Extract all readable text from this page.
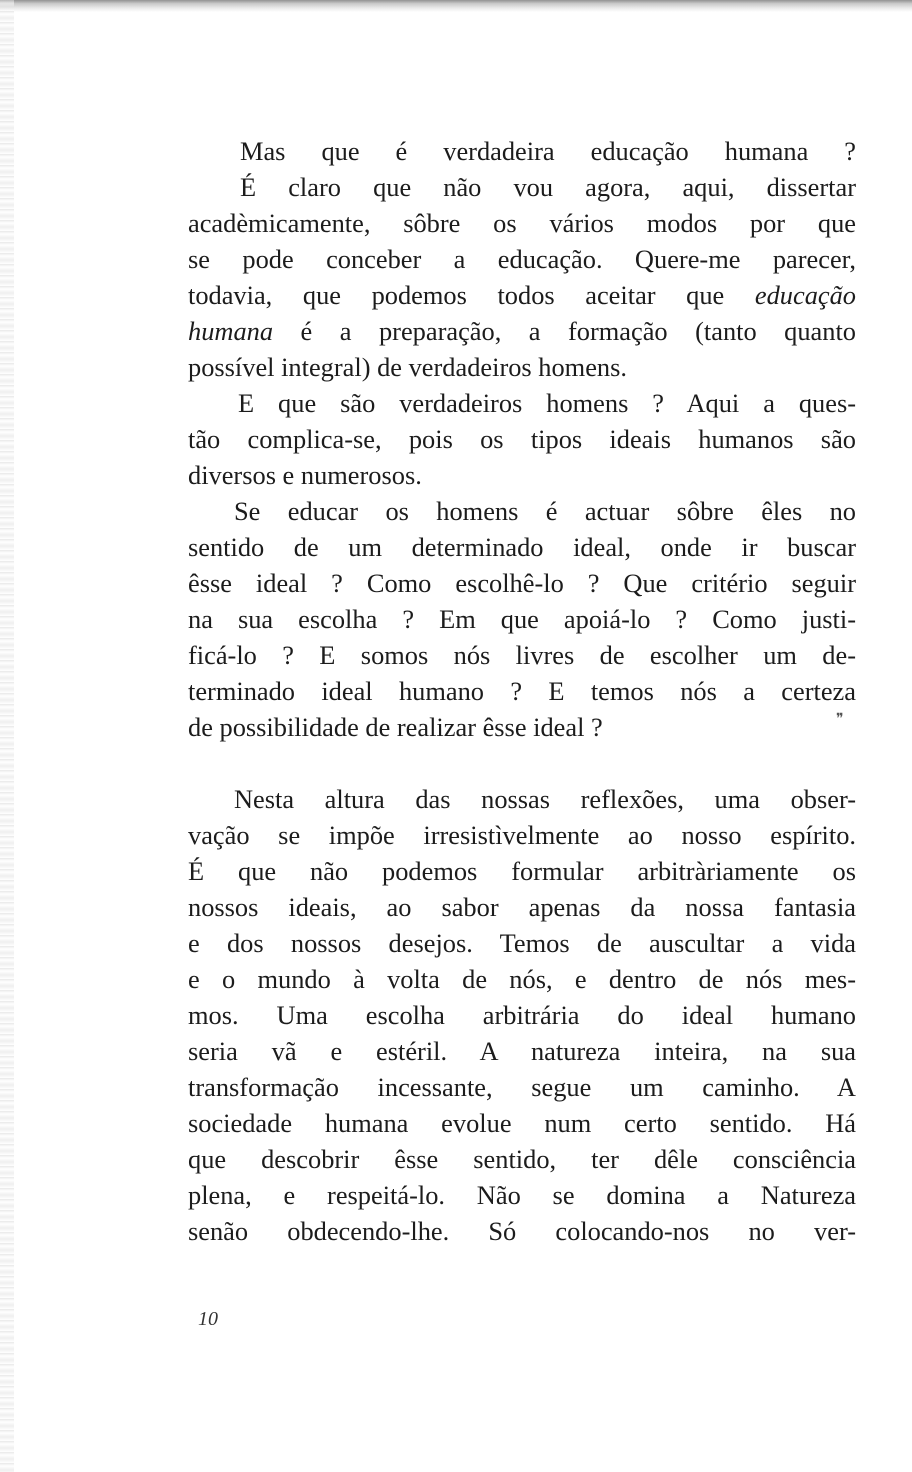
Mas que é verdadeira educação humana ?
É claro que não vou agora, aqui, dissertar
acadèmicamente, sôbre os vários modos por que
se pode conceber a educação. Quere-me parecer,
todavia, que podemos todos aceitar que educação
humana é a preparação, a formação (tanto quanto
possível integral) de verdadeiros homens.
E que são verdadeiros homens ? Aqui a ques-
tão complica-se, pois os tipos ideais humanos são
diversos e numerosos.
Se educar os homens é actuar sôbre êles no
sentido de um determinado ideal, onde ir buscar
êsse ideal ? Como escolhê-lo ? Que critério seguir
na sua escolha ? Em que apoiá-lo ? Como justi-
ficá-lo ? E somos nós livres de escolher um de-
terminado ideal humano ? E temos nós a certeza
de possibilidade de realizar êsse ideal ?
Nesta altura das nossas reflexões, uma obser-
vação se impõe irresistìvelmente ao nosso espírito.
É que não podemos formular arbitràriamente os
nossos ideais, ao sabor apenas da nossa fantasia
e dos nossos desejos. Temos de auscultar a vida
e o mundo à volta de nós, e dentro de nós mes-
mos. Uma escolha arbitrária do ideal humano
seria vã e estéril. A natureza inteira, na sua
transformação incessante, segue um caminho. A
sociedade humana evolue num certo sentido. Há
que descobrir êsse sentido, ter dêle consciência
plena, e respeitá-lo. Não se domina a Natureza
senão obdecendo-lhe. Só colocando-nos no ver-
❞
10
